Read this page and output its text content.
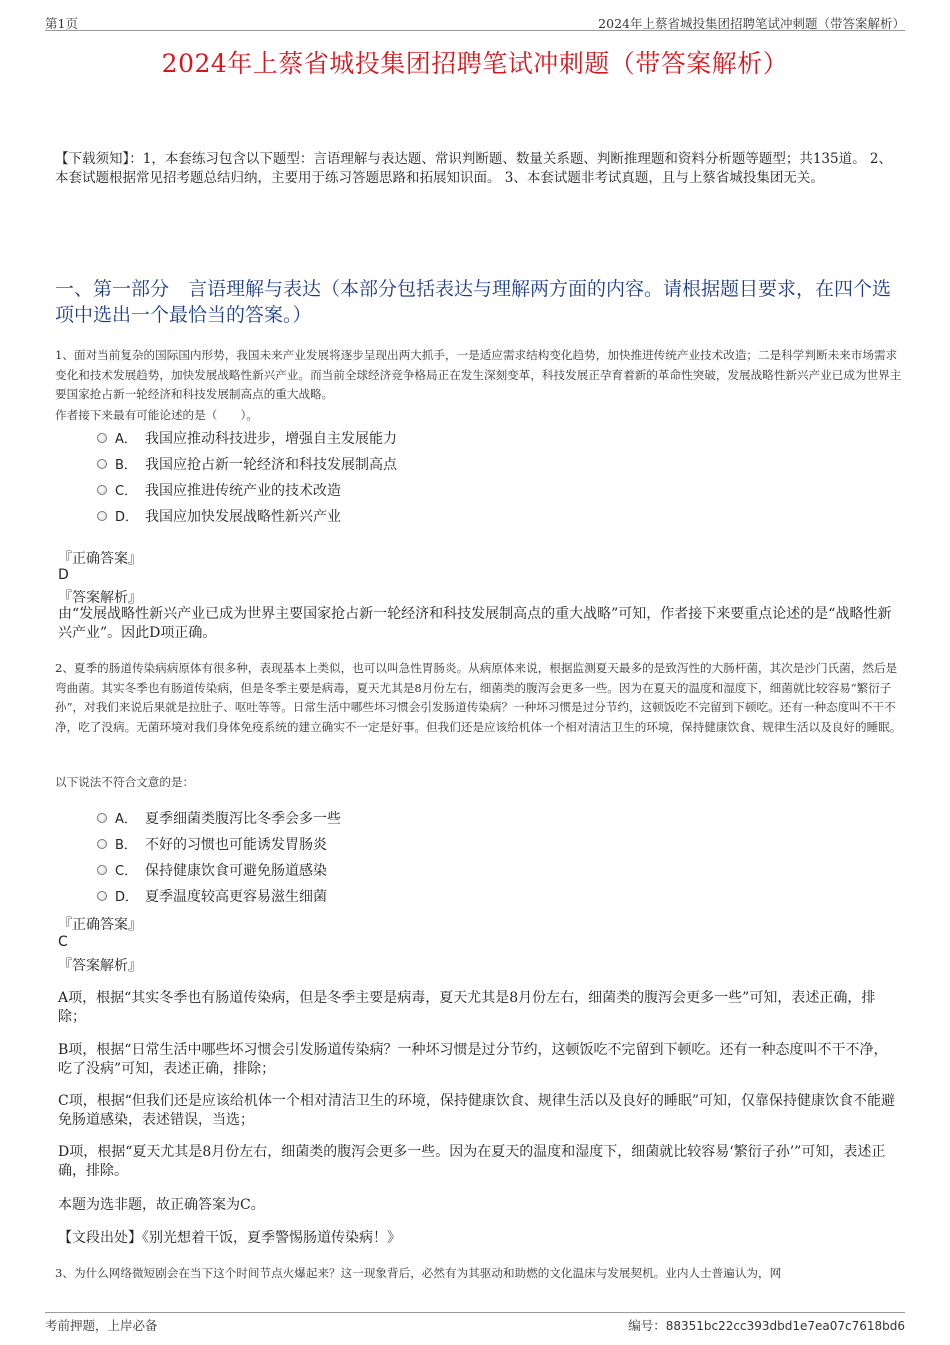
第1页	2024年上蔡省城投集团招聘笔试冲刺题（带答案解析）
2024年上蔡省城投集团招聘笔试冲刺题（带答案解析）
【下载须知】：1，本套练习包含以下题型：言语理解与表达题、常识判断题、数量关系题、判断推理题和资料分析题等题型；共135道。 2、本套试题根据常见招考题总结归纳，主要用于练习答题思路和拓展知识面。 3、本套试题非考试真题，且与上蔡省城投集团无关。
一、第一部分　言语理解与表达（本部分包括表达与理解两方面的内容。请根据题目要求，在四个选项中选出一个最恰当的答案。）
1、面对当前复杂的国际国内形势，我国未来产业发展将逐步呈现出两大抓手，一是适应需求结构变化趋势，加快推进传统产业技术改造；二是科学判断未来市场需求变化和技术发展趋势，加快发展战略性新兴产业。而当前全球经济竞争格局正在发生深刻变革，科技发展正孕育着新的革命性突破，发展战略性新兴产业已成为世界主要国家抢占新一轮经济和科技发展制高点的重大战略。
作者接下来最有可能论述的是（　　）。
A． 我国应推动科技进步，增强自主发展能力
B． 我国应抢占新一轮经济和科技发展制高点
C． 我国应推进传统产业的技术改造
D． 我国应加快发展战略性新兴产业
『正确答案』
D
『答案解析』
由“发展战略性新兴产业已成为世界主要国家抢占新一轮经济和科技发展制高点的重大战略”可知，作者接下来要重点论述的是“战略性新兴产业”。因此D项正确。
2、夏季的肠道传染病病原体有很多种，表现基本上类似，也可以叫急性胃肠炎。从病原体来说，根据监测夏天最多的是致泻性的大肠杆菌，其次是沙门氏菌，然后是弯曲菌。其实冬季也有肠道传染病，但是冬季主要是病毒，夏天尤其是8月份左右，细菌类的腹泻会更多一些。因为在夏天的温度和湿度下，细菌就比较容易“繁衍子孙”，对我们来说后果就是拉肚子、呕吐等等。日常生活中哪些坏习惯会引发肠道传染病？一种坏习惯是过分节约，这顿饭吃不完留到下顿吃。还有一种态度叫不干不净，吃了没病。无菌环境对我们身体免疫系统的建立确实不一定是好事。但我们还是应该给机体一个相对清洁卫生的环境，保持健康饮食、规律生活以及良好的睡眠。
以下说法不符合文意的是：
A． 夏季细菌类腹泻比冬季会多一些
B． 不好的习惯也可能诱发胃肠炎
C． 保持健康饮食可避免肠道感染
D． 夏季温度较高更容易滋生细菌
『正确答案』
C
『答案解析』
A项，根据“其实冬季也有肠道传染病，但是冬季主要是病毒，夏天尤其是8月份左右，细菌类的腹泻会更多一些”可知，表述正确，排除；
B项，根据“日常生活中哪些坏习惯会引发肠道传染病？一种坏习惯是过分节约，这顿饭吃不完留到下顿吃。还有一种态度叫不干不净，吃了没病”可知，表述正确，排除；
C项，根据“但我们还是应该给机体一个相对清洁卫生的环境，保持健康饮食、规律生活以及良好的睡眠”可知，仅靠保持健康饮食不能避免肠道感染，表述错误，当选；
D项，根据“夏天尤其是8月份左右，细菌类的腹泻会更多一些。因为在夏天的温度和湿度下，细菌就比较容易‘繁衍子孙’”可知，表述正确，排除。
本题为选非题，故正确答案为C。
【文段出处】《别光想着干饭，夏季警惕肠道传染病！》
3、为什么网络微短剧会在当下这个时间节点火爆起来？这一现象背后，必然有为其驱动和助燃的文化温床与发展契机。业内人士普遍认为，网
考前押题，上岸必备	编号：88351bc22cc393dbd1e7ea07c7618bd6
